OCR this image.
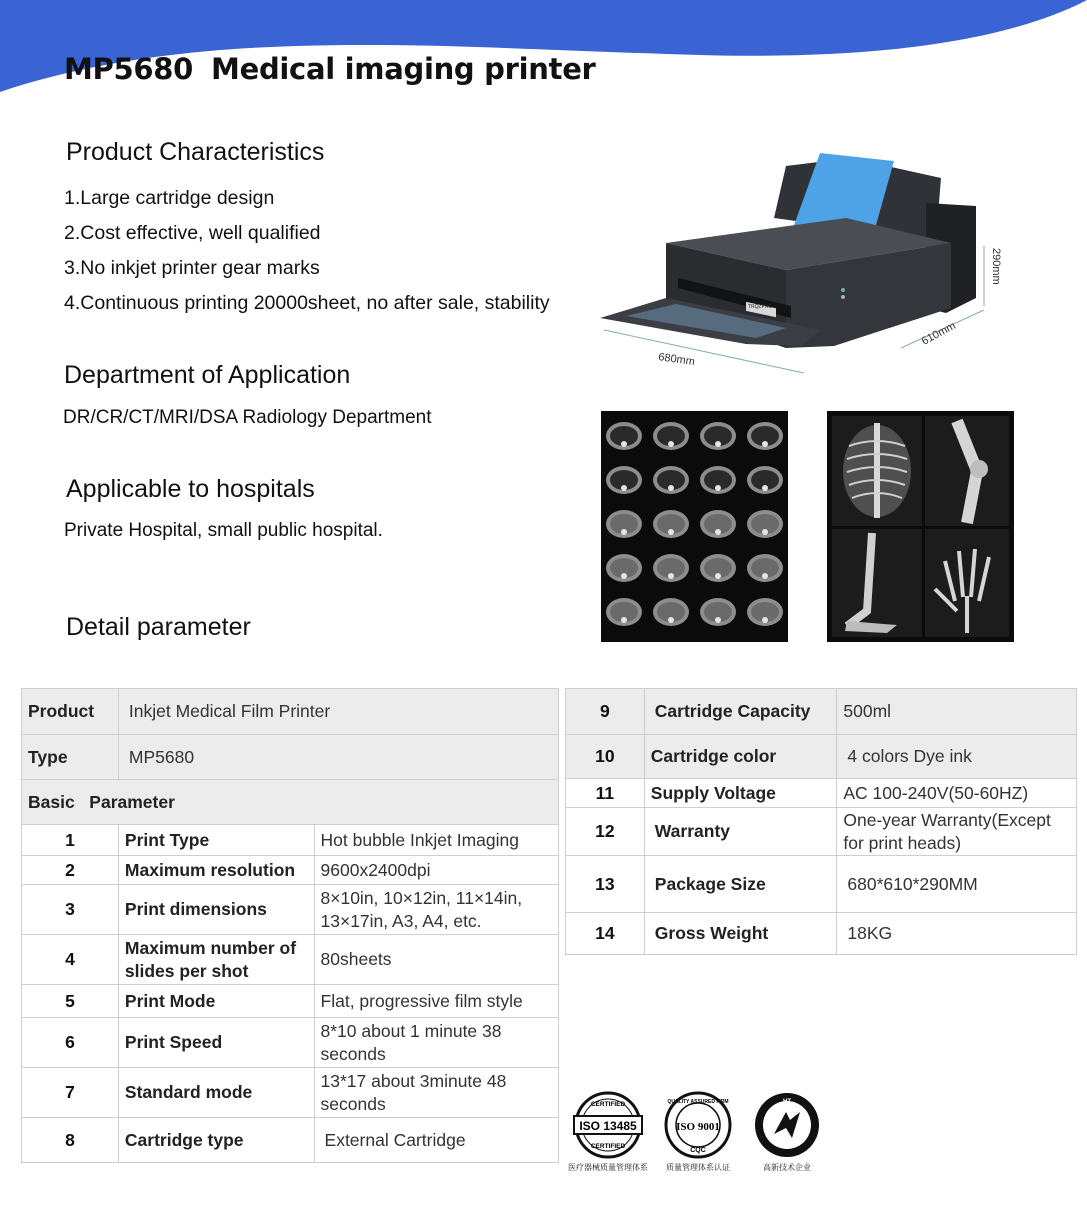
MP5680 Medical imaging printer
Product Characteristics
1.Large cartridge design
2.Cost effective, well qualified
3.No inkjet printer gear marks
4.Continuous printing 20000sheet, no after sale, stability	TRQZPRC
290mm
610mm
680mm
Department of Application
DR/CR/CT/MRI/DSA Radiology Department
Applicable to hospitals
Private Hospital, small public hospital.
Detail parameter
Product	Inkjet Medical Film Printer	
Type	MP5680	
Basic Parameter		
1	Print Type	Hot bubble Inkjet Imaging
2	Maximum resolution	9600x2400dpi
3	Print dimensions	8×10in, 10×12in, 11×14in, 13×17in, A3, A4, etc.
4	Maximum number of slides per shot	80sheets
5	Print Mode	Flat, progressive film style
6	Print Speed	8*10 about 1 minute 38 seconds
7	Standard mode	13*17 about 3minute 48 seconds
8	Cartridge type	External Cartridge
9	Cartridge Capacity	500ml
10	Cartridge color	4 colors Dye ink
11	Supply Voltage	AC 100-240V(50-60HZ)
12	Warranty	One-year Warranty(Except for print heads)
13	Package Size	680*610*290MM
14	Gross Weight	18KG
CERTIFIED
ISO 13485
CERTIFIED
医疗器械质量管理体系
QUALITY ASSURED FIRM
ISO 9001
CQC
质量管理体系认证
HT
高新技术企业
